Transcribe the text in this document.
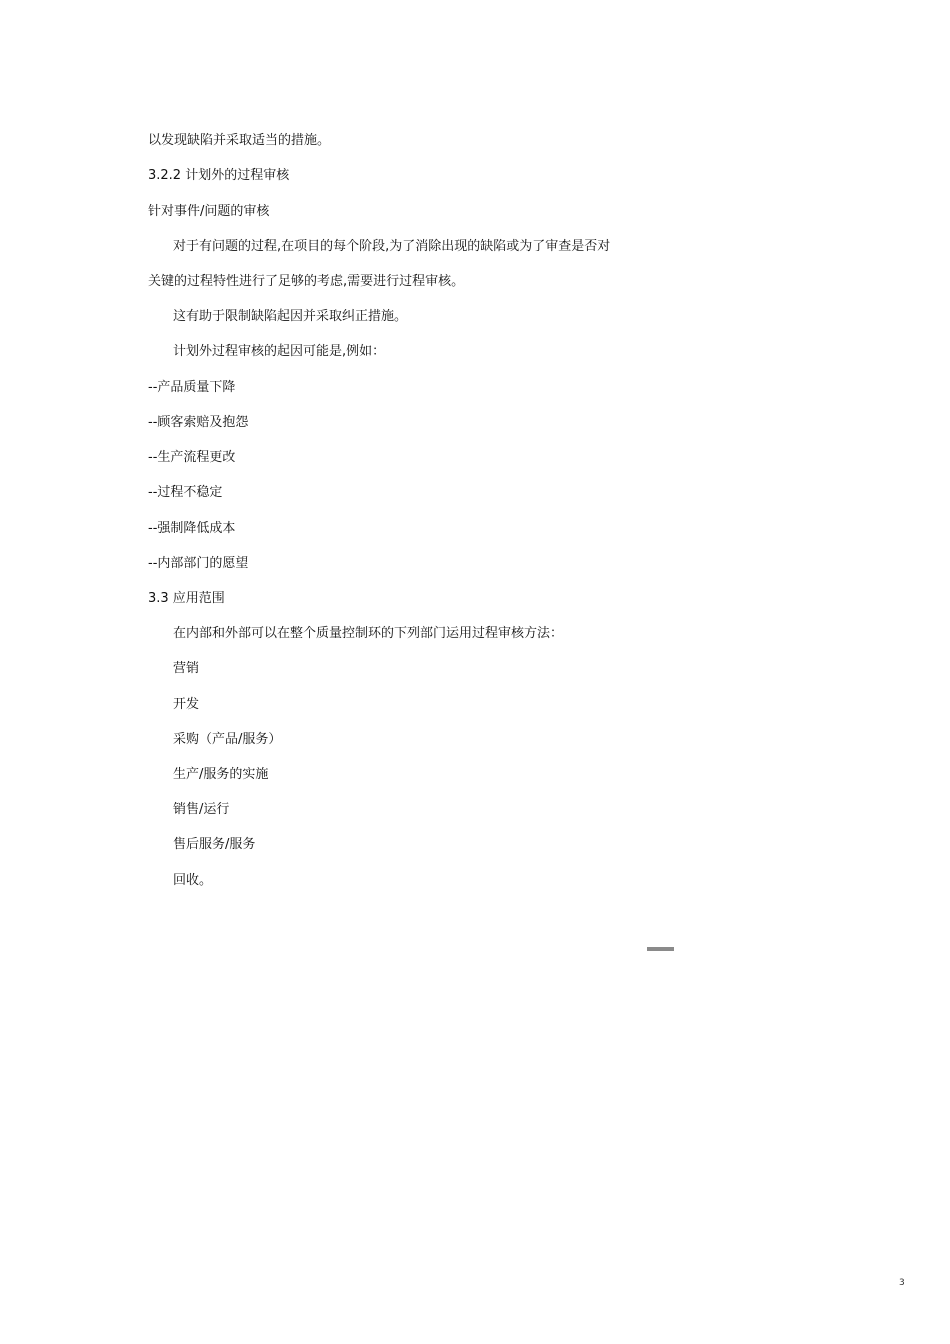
以发现缺陷并采取适当的措施。
3.2.2 计划外的过程审核
针对事件/问题的审核
对于有问题的过程,在项目的每个阶段,为了消除出现的缺陷或为了审查是否对
关键的过程特性进行了足够的考虑,需要进行过程审核。
这有助于限制缺陷起因并采取纠正措施。
计划外过程审核的起因可能是,例如：
--产品质量下降
--顾客索赔及抱怨
--生产流程更改
--过程不稳定
--强制降低成本
--内部部门的愿望
3.3 应用范围
在内部和外部可以在整个质量控制环的下列部门运用过程审核方法：
营销
开发
采购（产品/服务）
生产/服务的实施
销售/运行
售后服务/服务
回收。
3
